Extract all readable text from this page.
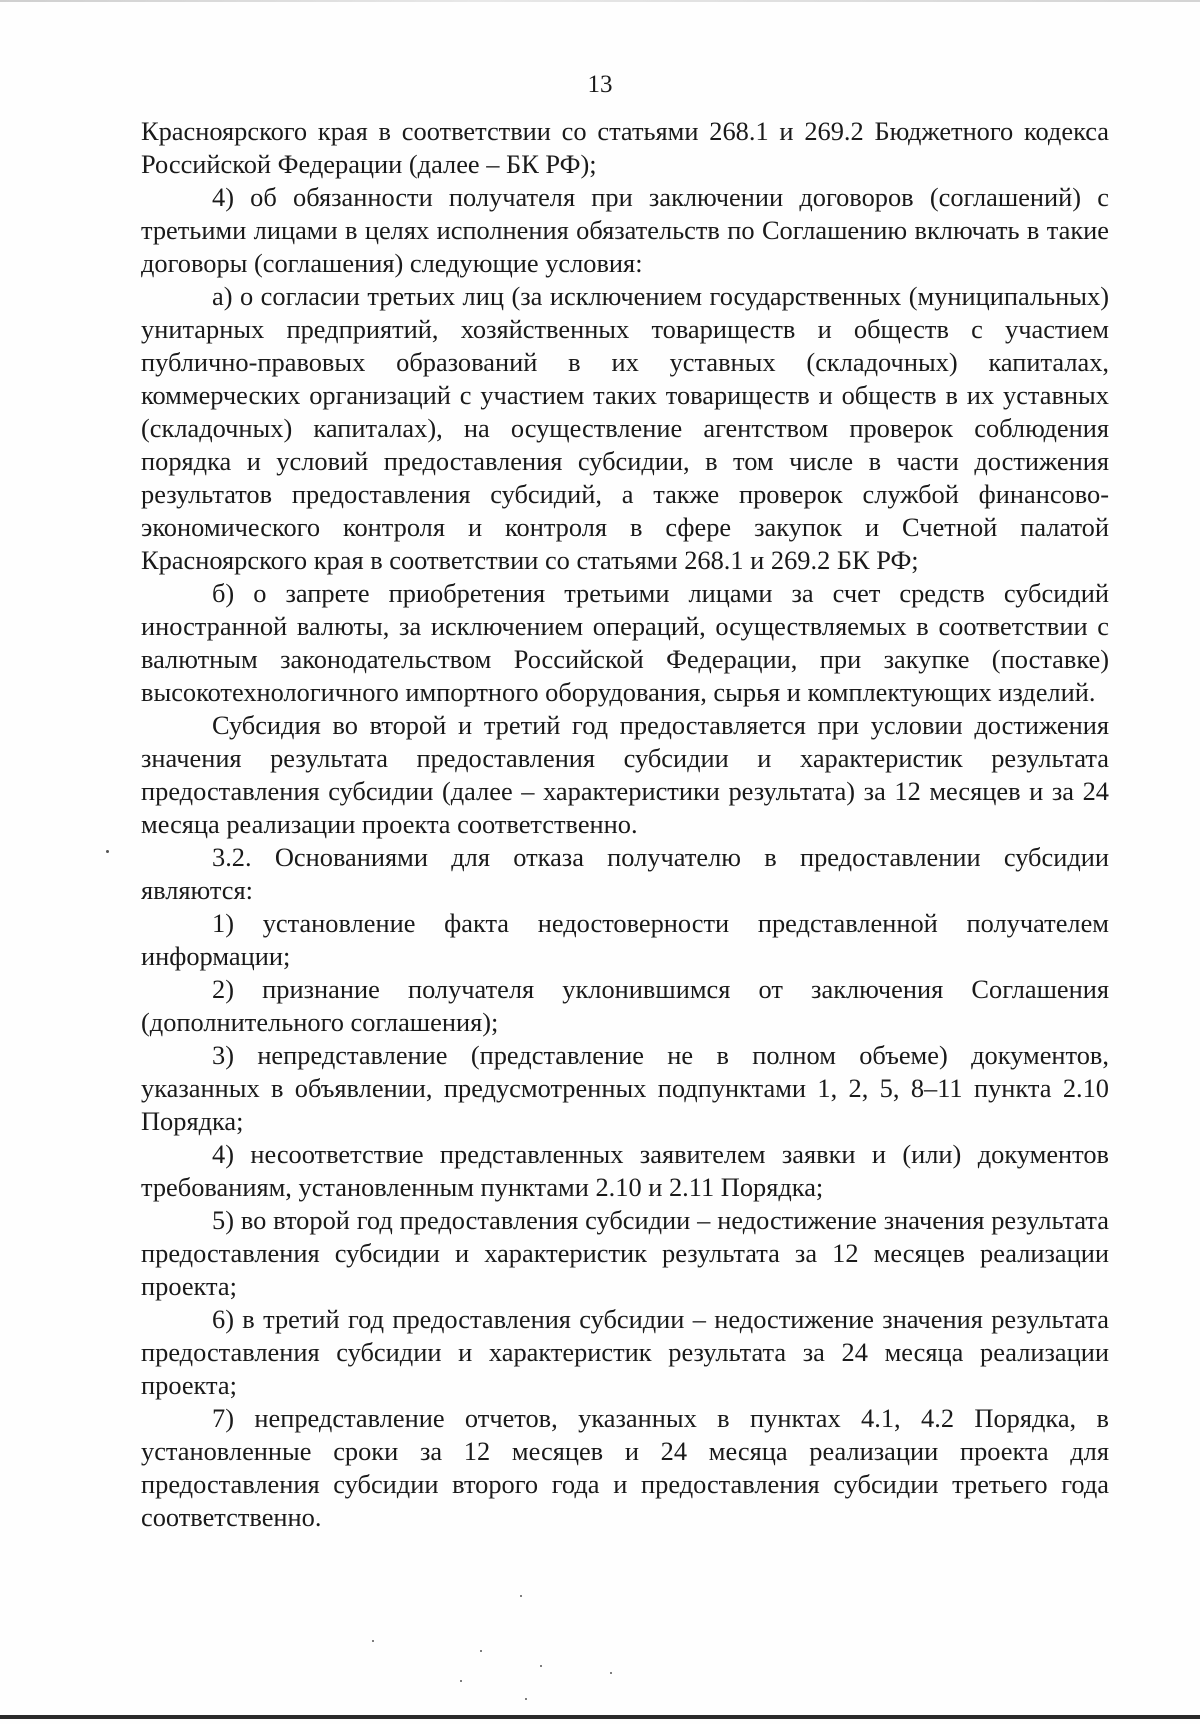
13

Красноярского края в соответствии со статьями 268.1 и 269.2 Бюджетного кодекса Российской Федерации (далее – БК РФ);

4) об обязанности получателя при заключении договоров (соглашений) с третьими лицами в целях исполнения обязательств по Соглашению включать в такие договоры (соглашения) следующие условия:

а) о согласии третьих лиц (за исключением государственных (муниципальных) унитарных предприятий, хозяйственных товариществ и обществ с участием публично-правовых образований в их уставных (складочных) капиталах, коммерческих организаций с участием таких товариществ и обществ в их уставных (складочных) капиталах), на осуществление агентством проверок соблюдения порядка и условий предоставления субсидии, в том числе в части достижения результатов предоставления субсидий, а также проверок службой финансово-экономического контроля и контроля в сфере закупок и Счетной палатой Красноярского края в соответствии со статьями 268.1 и 269.2 БК РФ;

б) о запрете приобретения третьими лицами за счет средств субсидий иностранной валюты, за исключением операций, осуществляемых в соответствии с валютным законодательством Российской Федерации, при закупке (поставке) высокотехнологичного импортного оборудования, сырья и комплектующих изделий.

Субсидия во второй и третий год предоставляется при условии достижения значения результата предоставления субсидии и характеристик результата предоставления субсидии (далее – характеристики результата) за 12 месяцев и за 24 месяца реализации проекта соответственно.

3.2. Основаниями для отказа получателю в предоставлении субсидии являются:

1) установление факта недостоверности представленной получателем информации;

2) признание получателя уклонившимся от заключения Соглашения (дополнительного соглашения);

3) непредставление (представление не в полном объеме) документов, указанных в объявлении, предусмотренных подпунктами 1, 2, 5, 8–11 пункта 2.10 Порядка;

4) несоответствие представленных заявителем заявки и (или) документов требованиям, установленным пунктами 2.10 и 2.11 Порядка;

5) во второй год предоставления субсидии – недостижение значения результата предоставления субсидии и характеристик результата за 12 месяцев реализации проекта;

6) в третий год предоставления субсидии – недостижение значения результата предоставления субсидии и характеристик результата за 24 месяца реализации проекта;

7) непредставление отчетов, указанных в пунктах 4.1, 4.2 Порядка, в установленные сроки за 12 месяцев и 24 месяца реализации проекта для предоставления субсидии второго года и предоставления субсидии третьего года соответственно.
